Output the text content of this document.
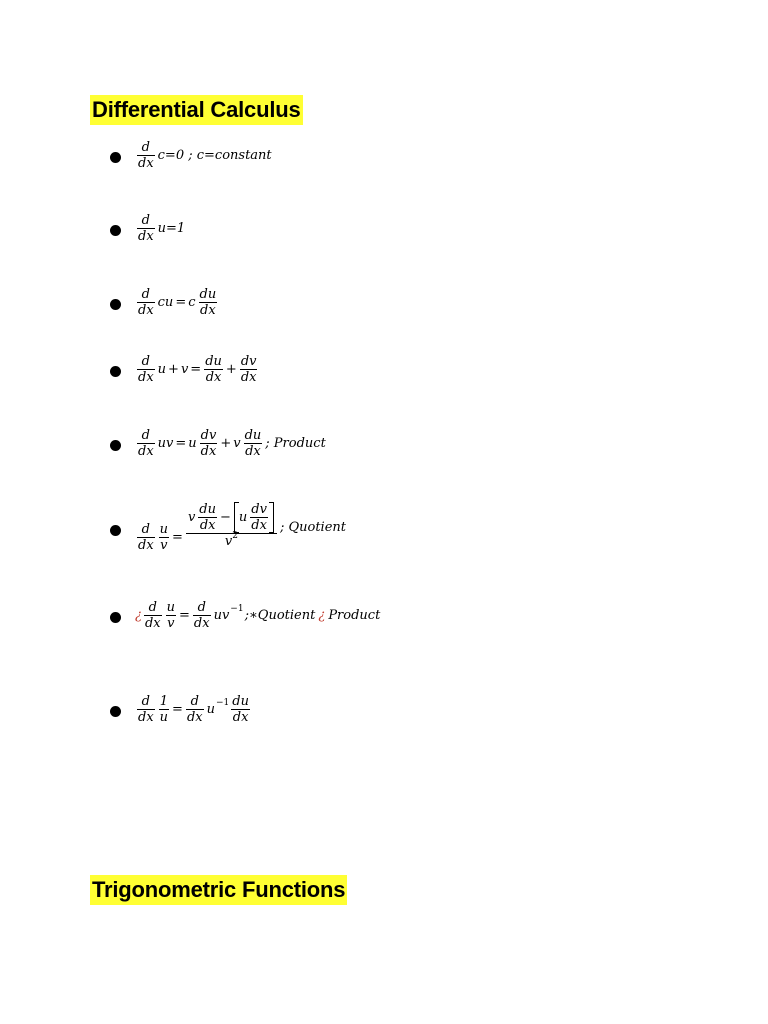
Differential Calculus
$\frac{d}{dx} c=0$ ; c=constant
$\frac{d}{dx} u=1$
$\frac{d}{dx}$ cu = c $\frac{du}{dx}$
$\frac{d}{dx}$ $u + v = \frac{du}{dx} + \frac{dv}{dx}$
$\frac{d}{dx}$ uv = u $\frac{dv}{dx} + v \frac{du}{dx}$ ; Product
$\frac{d}{dx} \frac{u}{v} = \frac{v \frac{du}{dx} - u \frac{dv}{dx}}{v^2}$ ; Quotient
¿ $\frac{d}{dx} \frac{u}{v} = \frac{d}{dx}$ uv −1 ;∗Quotient ¿ Product
$\frac{d}{dx} \frac{1}{u} = \frac{d}{dx}$ $u -1 \frac{du}{dx}$
Trigonometric Functions
